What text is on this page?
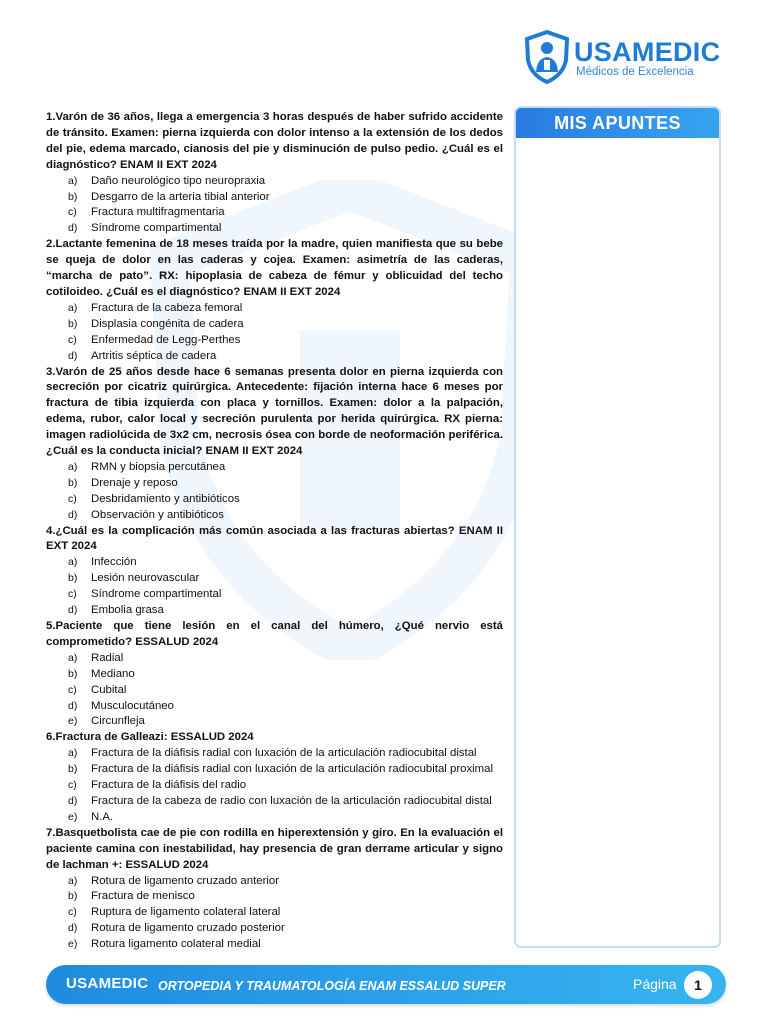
USAMEDIC
Médicos de Excelencia

1.Varón de 36 años, llega a emergencia 3 horas después de haber sufrido accidente de tránsito. Examen: pierna izquierda con dolor intenso a la extensión de los dedos del pie, edema marcado, cianosis del pie y disminución de pulso pedio. ¿Cuál es el diagnóstico? ENAM II EXT 2024

a)	Daño neurológico tipo neuropraxia
b)	Desgarro de la arteria tibial anterior
c)	Fractura multifragmentaria
d)	Síndrome compartimental

2.Lactante femenina de 18 meses traída por la madre, quien manifiesta que su bebe se queja de dolor en las caderas y cojea. Examen: asimetría de las caderas, “marcha de pato”. RX: hipoplasia de cabeza de fémur y oblicuidad del techo cotiloideo. ¿Cuál es el diagnóstico? ENAM II EXT 2024

a)	Fractura de la cabeza femoral
b)	Displasia congénita de cadera
c)	Enfermedad de Legg-Perthes
d)	Artritis séptica de cadera

3.Varón de 25 años desde hace 6 semanas presenta dolor en pierna izquierda con secreción por cicatriz quirúrgica. Antecedente: fijación interna hace 6 meses por fractura de tibia izquierda con placa y tornillos. Examen: dolor a la palpación, edema, rubor, calor local y secreción purulenta por herida quirúrgica. RX pierna: imagen radiolúcida de 3x2 cm, necrosis ósea con borde de neoformación periférica. ¿Cuál es la conducta inicial? ENAM II EXT 2024

a)	RMN y biopsia percutánea
b)	Drenaje y reposo
c)	Desbridamiento y antibióticos
d)	Observación y antibióticos

4.¿Cuál es la complicación más común asociada a las fracturas abiertas? ENAM II EXT 2024

a)	Infección
b)	Lesión neurovascular
c)	Síndrome compartimental
d)	Embolia grasa

5.Paciente que tiene lesión en el canal del húmero, ¿Qué nervio está comprometido? ESSALUD 2024

a)	Radial
b)	Mediano
c)	Cubital
d)	Musculocutáneo
e)	Circunfleja

6.Fractura de Galleazi: ESSALUD 2024

a)	Fractura de la diáfisis radial con luxación de la articulación radiocubital distal
b)	Fractura de la diáfisis radial con luxación de la articulación radiocubital proximal
c)	Fractura de la diáfisis del radio
d)	Fractura de la cabeza de radio con luxación de la articulación radiocubital distal
e)	N.A.

7.Basquetbolista cae de pie con rodilla en hiperextensión y giro. En la evaluación el paciente camina con inestabilidad, hay presencia de gran derrame articular y signo de lachman +: ESSALUD 2024

a)	Rotura de ligamento cruzado anterior
b)	Fractura de menisco
c)	Ruptura de ligamento colateral lateral
d)	Rotura de ligamento cruzado posterior
e)	Rotura ligamento colateral medial
MIS APUNTES
USAMEDIC ORTOPEDIA Y TRAUMATOLOGÍA ENAM ESSALUD SUPER	Página	1
